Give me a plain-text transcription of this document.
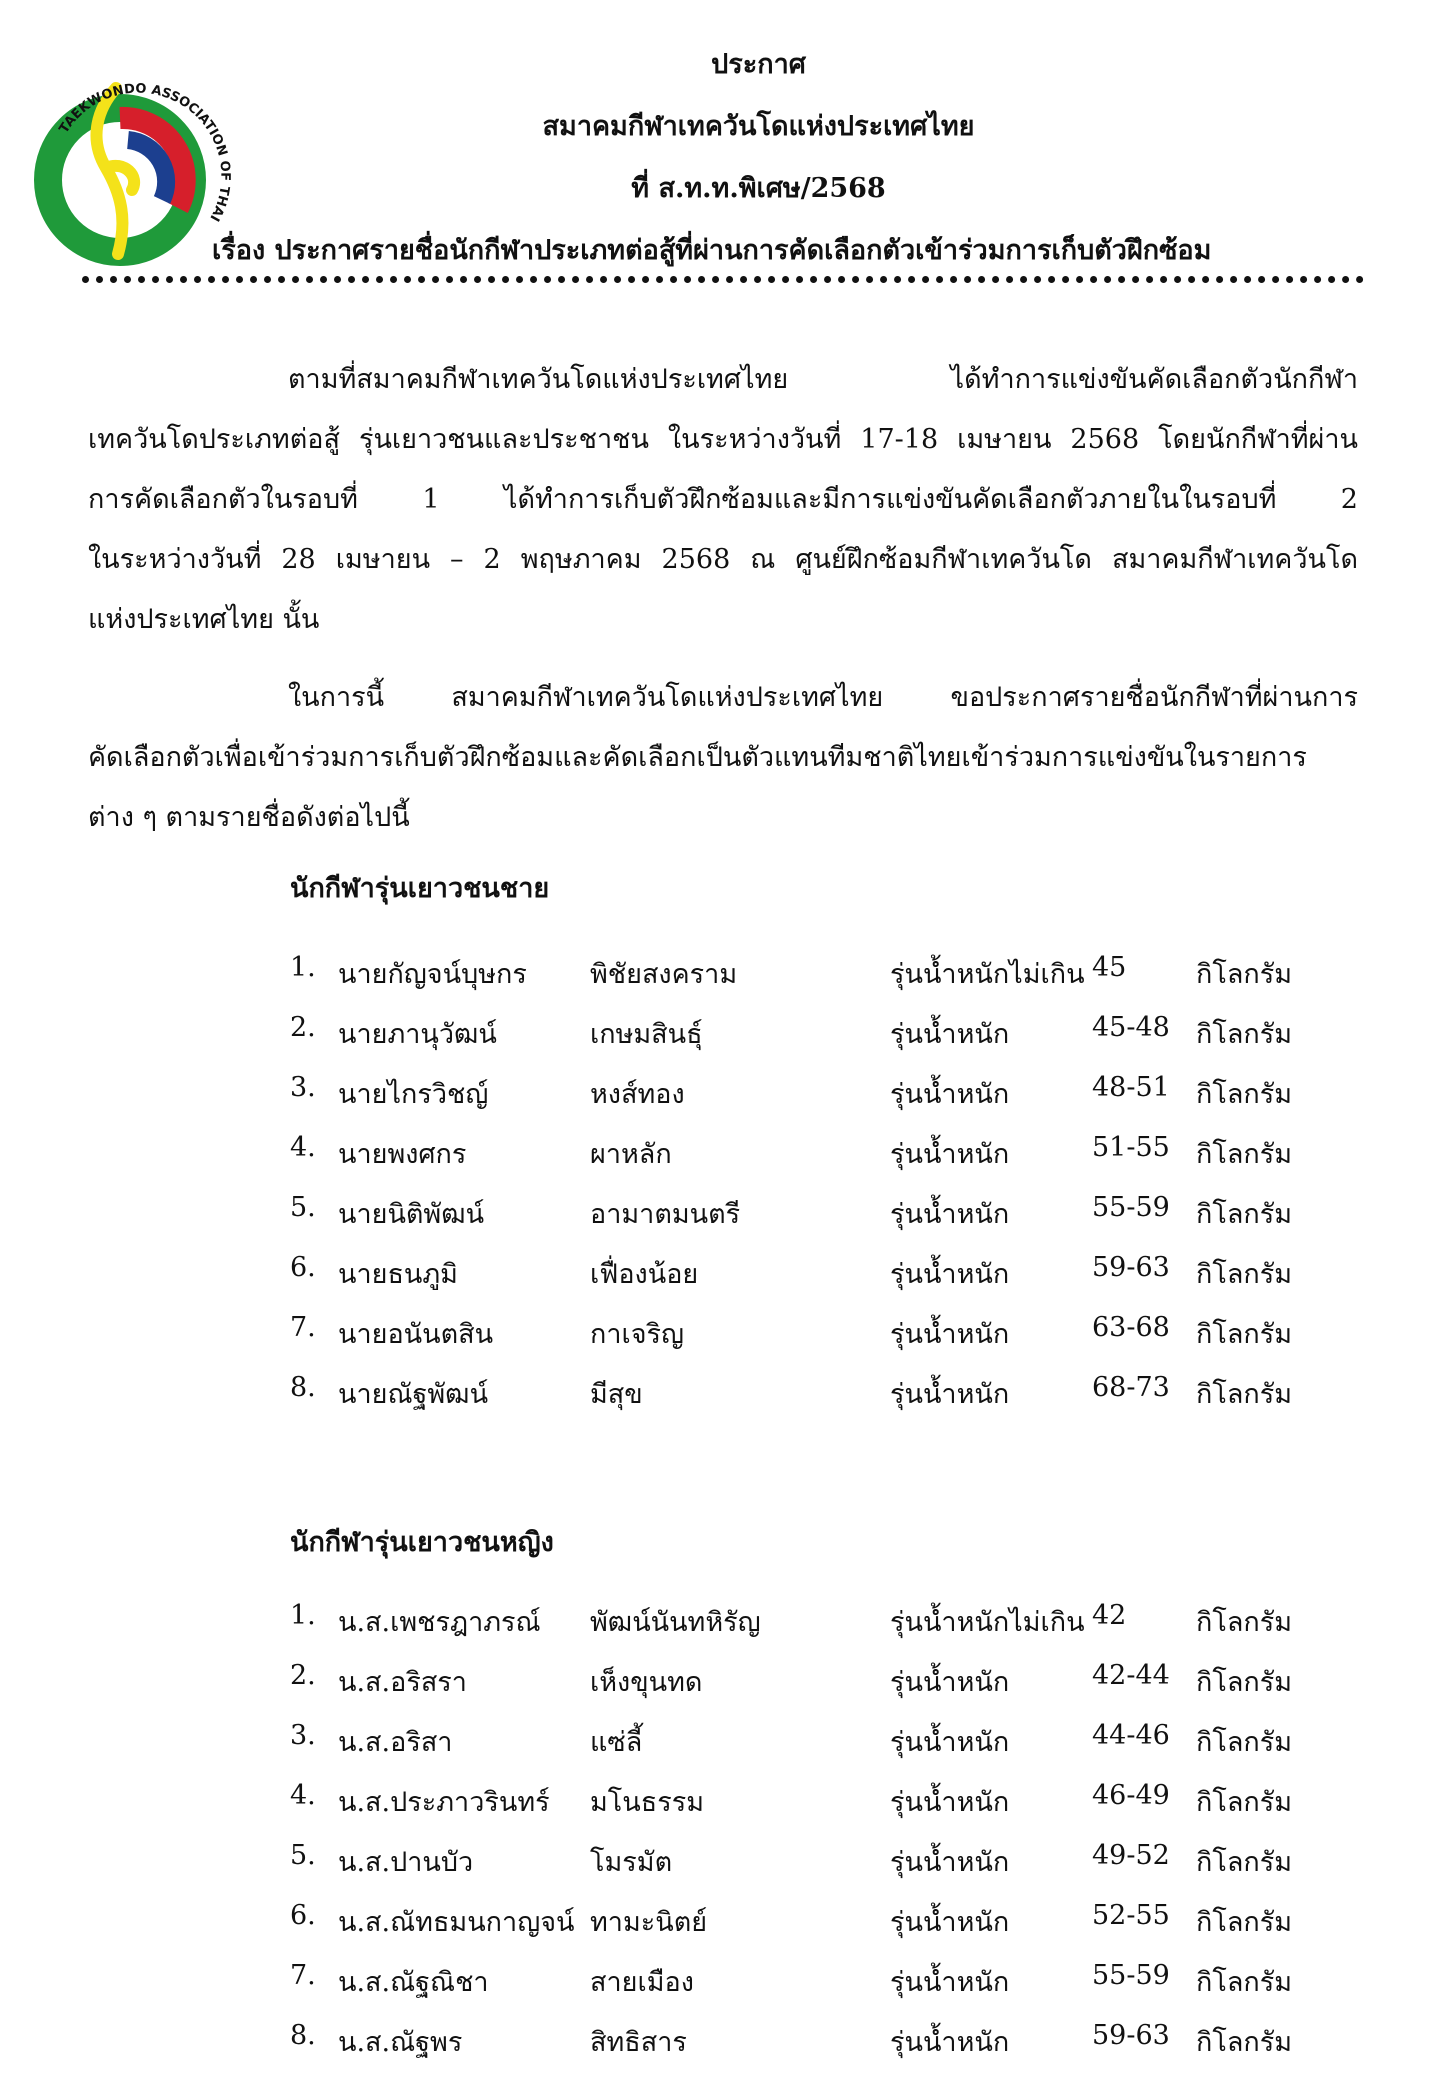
TAEKWONDO ASSOCIATION OF THAI
ประกาศ
สมาคมกีฬาเทควันโดแห่งประเทศไทย
ที่ ส.ท.ท.พิเศษ/2568
เรื่อง ประกาศรายชื่อนักกีฬาประเภทต่อสู้ที่ผ่านการคัดเลือกตัวเข้าร่วมการเก็บตัวฝึกซ้อม
ตามที่สมาคมกีฬาเทควันโดแห่งประเทศไทย ได้ทำการแข่งขันคัดเลือกตัวนักกีฬา
เทควันโดประเภทต่อสู้ รุ่นเยาวชนและประชาชน ในระหว่างวันที่ 17-18 เมษายน 2568 โดยนักกีฬาที่ผ่าน
การคัดเลือกตัวในรอบที่ 1 ได้ทำการเก็บตัวฝึกซ้อมและมีการแข่งขันคัดเลือกตัวภายในในรอบที่ 2
ในระหว่างวันที่ 28 เมษายน – 2 พฤษภาคม 2568 ณ ศูนย์ฝึกซ้อมกีฬาเทควันโด สมาคมกีฬาเทควันโด
แห่งประเทศไทย นั้น
ในการนี้ สมาคมกีฬาเทควันโดแห่งประเทศไทย ขอประกาศรายชื่อนักกีฬาที่ผ่านการ
คัดเลือกตัวเพื่อเข้าร่วมการเก็บตัวฝึกซ้อมและคัดเลือกเป็นตัวแทนทีมชาติไทยเข้าร่วมการแข่งขันในรายการ
ต่าง ๆ ตามรายชื่อดังต่อไปนี้
นักกีฬารุ่นเยาวชนชาย
นักกีฬารุ่นเยาวชนหญิง
1. นายกัญจน์บุษกร พิชัยสงคราม	รุ่นน้ำหนักไม่เกิน 45	กิโลกรัม
2. นายภานุวัฒน์	เกษมสินธุ์	รุ่นน้ำหนัก	45-48 กิโลกรัม
3. นายไกรวิชญ์	หงส์ทอง	รุ่นน้ำหนัก	48-51 กิโลกรัม
4. นายพงศกร	ผาหลัก	รุ่นน้ำหนัก	51-55 กิโลกรัม
5. นายนิติพัฒน์	อามาตมนตรี	รุ่นน้ำหนัก	55-59 กิโลกรัม
6. นายธนภูมิ	เฟื่องน้อย	รุ่นน้ำหนัก	59-63 กิโลกรัม
7. นายอนันตสิน	กาเจริญ	รุ่นน้ำหนัก	63-68 กิโลกรัม
8. นายณัฐพัฒน์	มีสุข	รุ่นน้ำหนัก	68-73 กิโลกรัม
1. น.ส.เพชรฎาภรณ์ พัฒน์นันทหิรัญ	รุ่นน้ำหนักไม่เกิน 42	กิโลกรัม
2. น.ส.อริสรา	เห็งขุนทด	รุ่นน้ำหนัก	42-44 กิโลกรัม
3. น.ส.อริสา	แซ่ลี้	รุ่นน้ำหนัก	44-46 กิโลกรัม
4. น.ส.ประภาวรินทร์ มโนธรรม	รุ่นน้ำหนัก	46-49 กิโลกรัม
5. น.ส.ปานบัว	โมรมัต	รุ่นน้ำหนัก	49-52 กิโลกรัม
6. น.ส.ณัทธมนกาญจน์ ทามะนิตย์	รุ่นน้ำหนัก	52-55 กิโลกรัม
7. น.ส.ณัฐณิชา	สายเมือง	รุ่นน้ำหนัก	55-59 กิโลกรัม
8. น.ส.ณัฐพร	สิทธิสาร	รุ่นน้ำหนัก	59-63 กิโลกรัม
